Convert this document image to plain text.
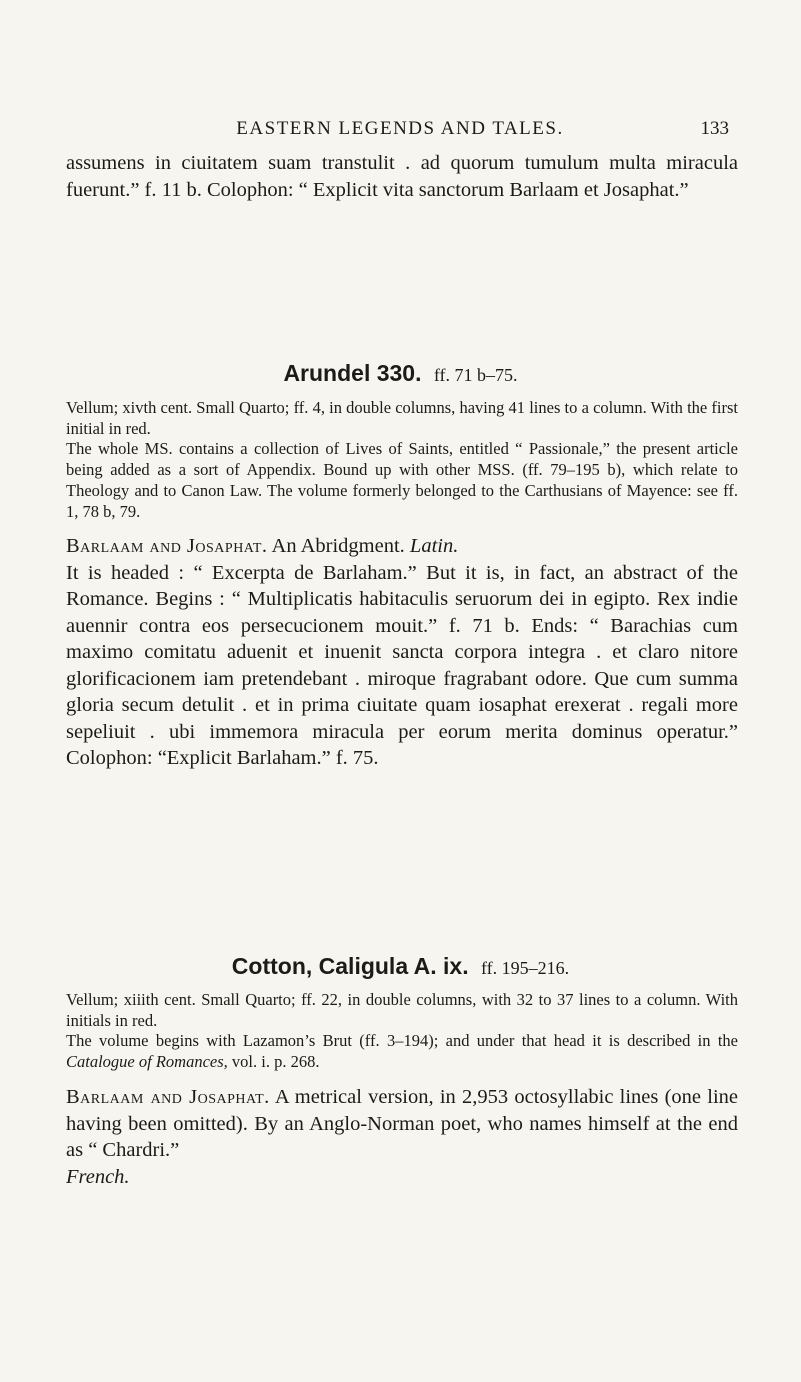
EASTERN LEGENDS AND TALES.	133

assumens in ciuitatem suam transtulit . ad quorum tumulum multa miracula fuerunt.” f. 11 b. Colophon: “ Explicit vita sanctorum Barlaam et Josaphat.”

Arundel 330. ff. 71 b–75.

Vellum; xivth cent. Small Quarto; ff. 4, in double columns, having 41 lines to a column. With the first initial in red.

The whole MS. contains a collection of Lives of Saints, entitled “ Passionale,” the present article being added as a sort of Appendix. Bound up with other MSS. (ff. 79–195 b), which relate to Theology and to Canon Law. The volume formerly belonged to the Carthusians of Mayence: see ff. 1, 78 b, 79.

Barlaam and Josaphat. An Abridgment. Latin.

It is headed : “ Excerpta de Barlaham.” But it is, in fact, an abstract of the Romance. Begins : “ Multiplicatis habitaculis seruorum dei in egipto. Rex indie auennir contra eos persecucionem mouit.” f. 71 b. Ends: “ Barachias cum maximo comitatu aduenit et inuenit sancta corpora integra . et claro nitore glorificacionem iam pretendebant . miroque fragrabant odore. Que cum summa gloria secum detulit . et in prima ciuitate quam iosaphat erexerat . regali more sepeliuit . ubi immemora miracula per eorum merita dominus operatur.” Colophon: “Explicit Barlaham.” f. 75.

Cotton, Caligula A. ix. ff. 195–216.

Vellum; xiiith cent. Small Quarto; ff. 22, in double columns, with 32 to 37 lines to a column. With initials in red.

The volume begins with Lazamon’s Brut (ff. 3–194); and under that head it is described in the Catalogue of Romances, vol. i. p. 268.

Barlaam and Josaphat. A metrical version, in 2,953 octosyllabic lines (one line having been omitted). By an Anglo-Norman poet, who names himself at the end as “ Chardri.”

French.
